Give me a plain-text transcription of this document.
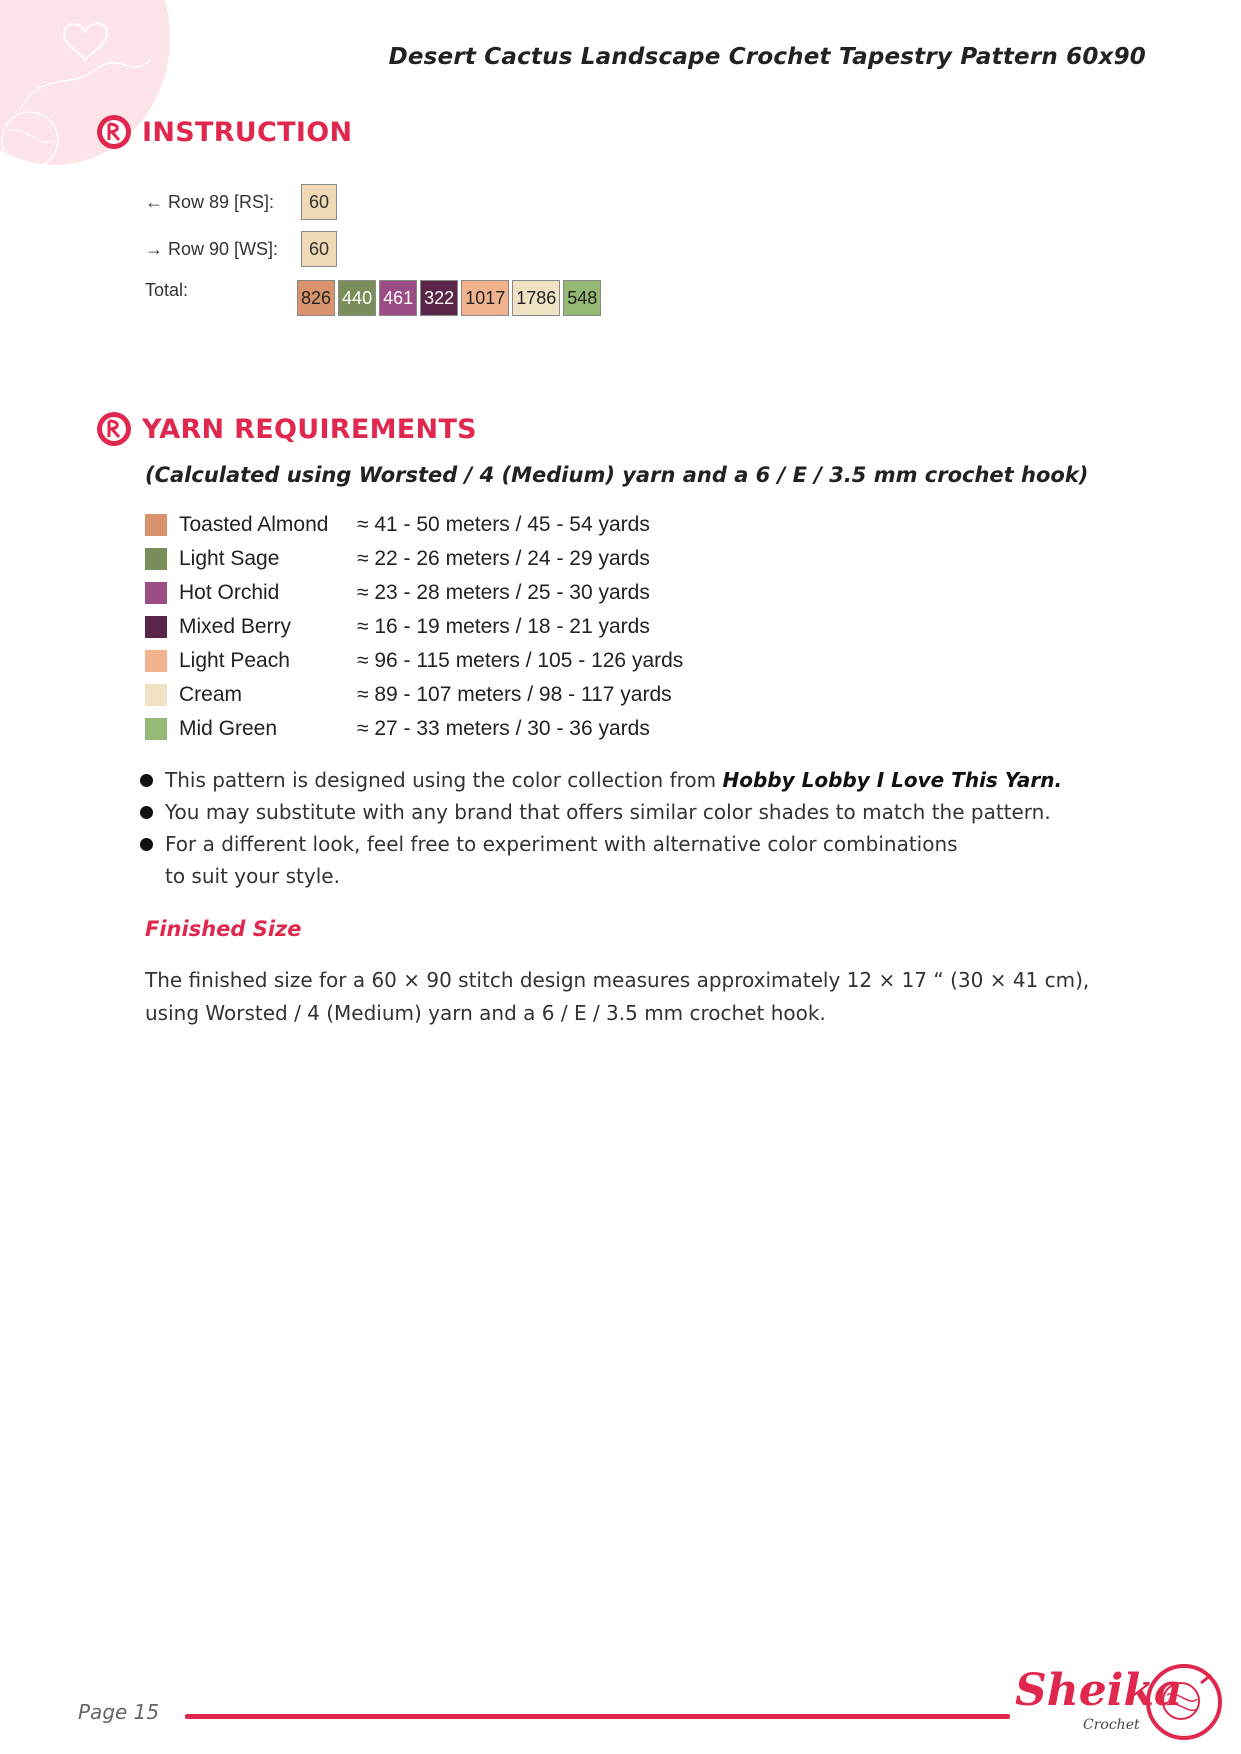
Desert Cactus Landscape Crochet Tapestry Pattern 60x90
INSTRUCTION
← Row 89 [RS]:	60
→ Row 90 [WS]:	60
Total:	826 440 461 322 1017 1786 548
YARN REQUIREMENTS
(Calculated using Worsted / 4 (Medium) yarn and a 6 / E / 3.5 mm crochet hook)
Toasted Almond	≈ 41 - 50 meters / 45 - 54 yards
Light Sage	≈ 22 - 26 meters / 24 - 29 yards
Hot Orchid	≈ 23 - 28 meters / 25 - 30 yards
Mixed Berry	≈ 16 - 19 meters / 18 - 21 yards
Light Peach	≈ 96 - 115 meters / 105 - 126 yards
Cream	≈ 89 - 107 meters / 98 - 117 yards
Mid Green	≈ 27 - 33 meters / 30 - 36 yards
This pattern is designed using the color collection from Hobby Lobby I Love This Yarn.
You may substitute with any brand that offers similar color shades to match the pattern.
For a different look, feel free to experiment with alternative color combinations
to suit your style.
Finished Size
The finished size for a 60 × 90 stitch design measures approximately 12 × 17 “ (30 × 41 cm),
using Worsted / 4 (Medium) yarn and a 6 / E / 3.5 mm crochet hook.
Page 15	Sheika
Crochet
